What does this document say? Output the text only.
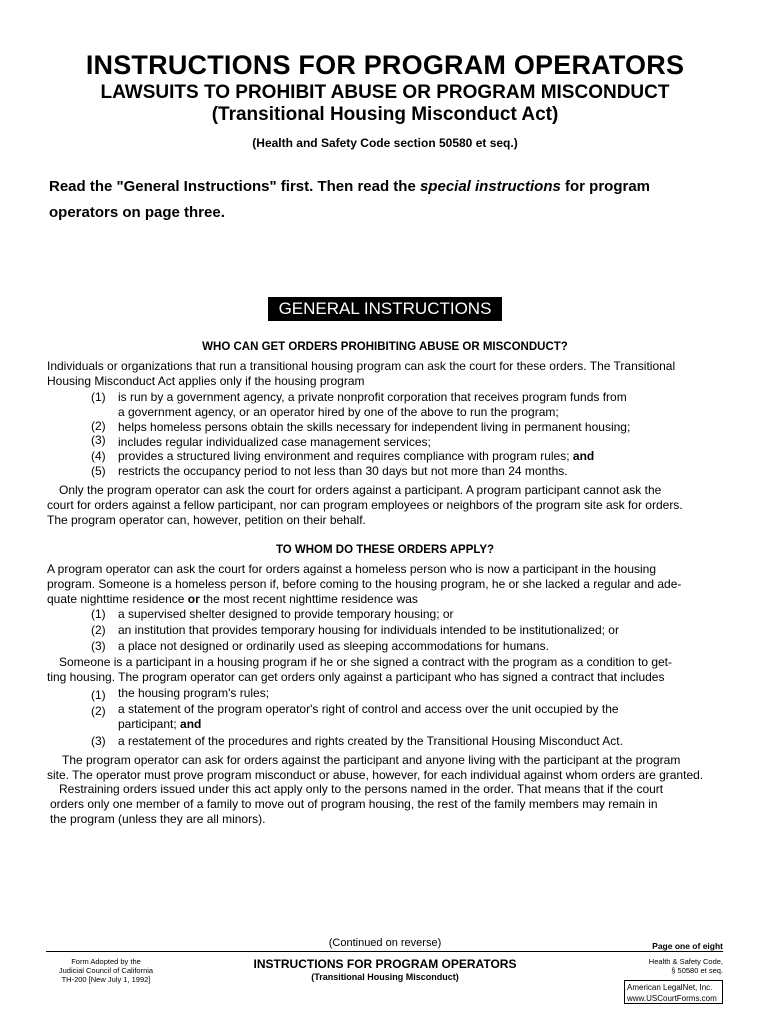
INSTRUCTIONS FOR PROGRAM OPERATORS
LAWSUITS TO PROHIBIT ABUSE OR PROGRAM MISCONDUCT
(Transitional Housing Misconduct Act)
(Health and Safety Code section 50580 et seq.)
Read the "General Instructions" first. Then read the special instructions for program
operators on page three.
GENERAL INSTRUCTIONS
WHO CAN GET ORDERS PROHIBITING ABUSE OR MISCONDUCT?
Individuals or organizations that run a transitional housing program can ask the court for these orders. The Transitional
Housing Misconduct Act applies only if the housing program
(1) is run by a government agency, a private nonprofit corporation that receives program funds from
a government agency, or an operator hired by one of the above to run the program;
(2) helps homeless persons obtain the skills necessary for independent living in permanent housing;
(3) includes regular individualized case management services;
(4) provides a structured living environment and requires compliance with program rules; and
(5) restricts the occupancy period to not less than 30 days but not more than 24 months.
Only the program operator can ask the court for orders against a participant. A program participant cannot ask the
court for orders against a fellow participant, nor can program employees or neighbors of the program site ask for orders.
The program operator can, however, petition on their behalf.
TO WHOM DO THESE ORDERS APPLY?
A program operator can ask the court for orders against a homeless person who is now a participant in the housing
program. Someone is a homeless person if, before coming to the housing program, he or she lacked a regular and ade-
quate nighttime residence or the most recent nighttime residence was
(1) a supervised shelter designed to provide temporary housing; or
(2) an institution that provides temporary housing for individuals intended to be institutionalized; or
(3) a place not designed or ordinarily used as sleeping accommodations for humans.
Someone is a participant in a housing program if he or she signed a contract with the program as a condition to get-
ting housing. The program operator can get orders only against a participant who has signed a contract that includes
(1) the housing program's rules;
(2) a statement of the program operator's right of control and access over the unit occupied by the
participant; and
(3) a restatement of the procedures and rights created by the Transitional Housing Misconduct Act.
The program operator can ask for orders against the participant and anyone living with the participant at the program
site. The operator must prove program misconduct or abuse, however, for each individual against whom orders are granted.
Restraining orders issued under this act apply only to the persons named in the order. That means that if the court
orders only one member of a family to move out of program housing, the rest of the family members may remain in
the program (unless they are all minors).
(Continued on reverse)	Page one of eight
Form Adopted by the
Judicial Council of California
TH-200 [New July 1, 1992]
INSTRUCTIONS FOR PROGRAM OPERATORS
(Transitional Housing Misconduct)
Health & Safety Code,
§ 50580 et seq.
American LegalNet, Inc.
www.USCourtForms.com
